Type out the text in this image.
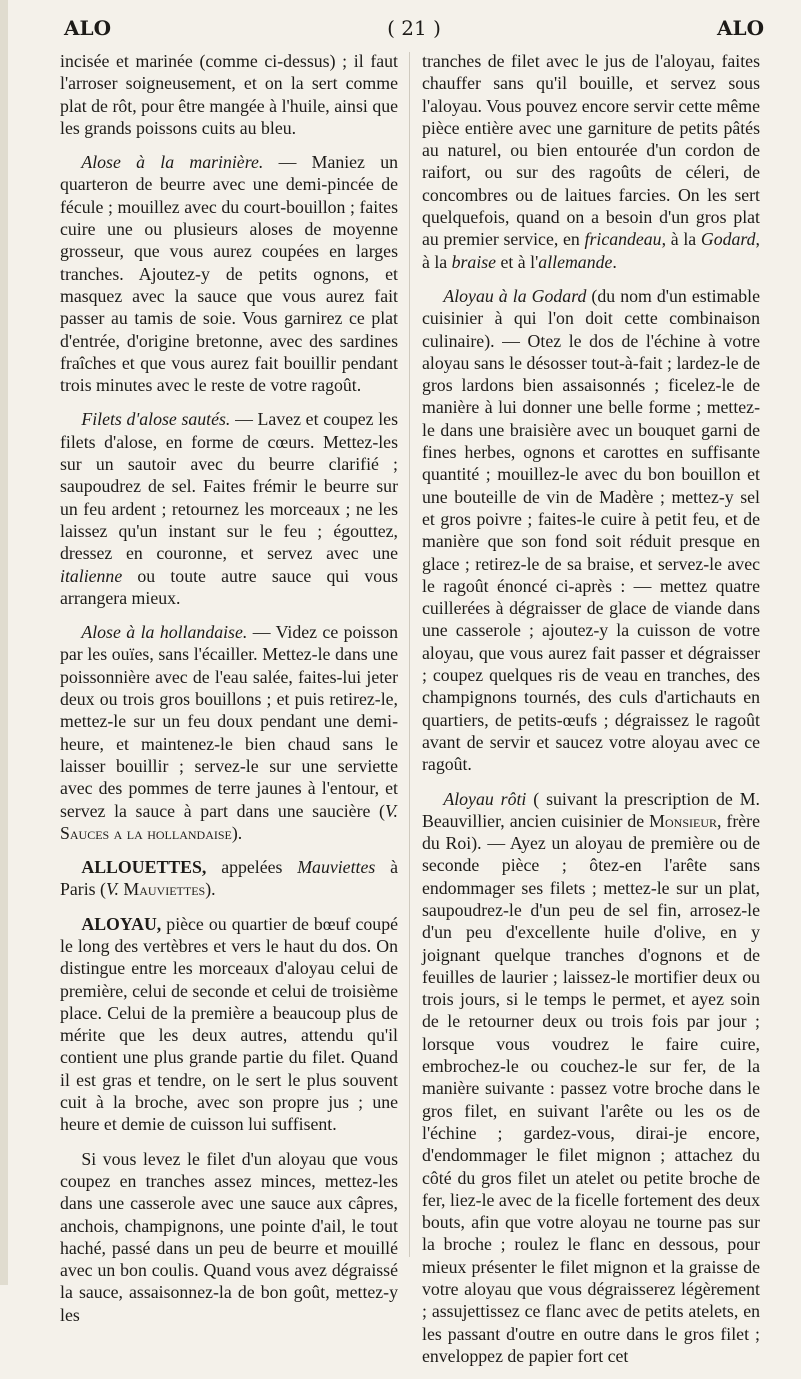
ALO	( 21 )	ALO

incisée et marinée (comme ci-dessus) ; il faut l'arroser soigneusement, et on la sert comme plat de rôt, pour être mangée à l'huile, ainsi que les grands poissons cuits au bleu.

Alose à la marinière. — Maniez un quarteron de beurre avec une demi-pincée de fécule ; mouillez avec du court-bouillon ; faites cuire une ou plusieurs aloses de moyenne grosseur, que vous aurez coupées en larges tranches. Ajoutez-y de petits ognons, et masquez avec la sauce que vous aurez fait passer au tamis de soie. Vous garnirez ce plat d'entrée, d'origine bretonne, avec des sardines fraîches et que vous aurez fait bouillir pendant trois minutes avec le reste de votre ragoût.

Filets d'alose sautés. — Lavez et coupez les filets d'alose, en forme de cœurs. Mettez-les sur un sautoir avec du beurre clarifié ; saupoudrez de sel. Faites frémir le beurre sur un feu ardent ; retournez les morceaux ; ne les laissez qu'un instant sur le feu ; égouttez, dressez en couronne, et servez avec une italienne ou toute autre sauce qui vous arrangera mieux.

Alose à la hollandaise. — Videz ce poisson par les ouïes, sans l'écailler. Mettez-le dans une poissonnière avec de l'eau salée, faites-lui jeter deux ou trois gros bouillons ; et puis retirez-le, mettez-le sur un feu doux pendant une demi-heure, et maintenez-le bien chaud sans le laisser bouillir ; servez-le sur une serviette avec des pommes de terre jaunes à l'entour, et servez la sauce à part dans une saucière (V. Sauces a la hollandaise).

ALLOUETTES, appelées Mauviettes à Paris (V. Mauviettes).

ALOYAU, pièce ou quartier de bœuf coupé le long des vertèbres et vers le haut du dos. On distingue entre les morceaux d'aloyau celui de première, celui de seconde et celui de troisième place. Celui de la première a beaucoup plus de mérite que les deux autres, attendu qu'il contient une plus grande partie du filet. Quand il est gras et tendre, on le sert le plus souvent cuit à la broche, avec son propre jus ; une heure et demie de cuisson lui suffisent.

Si vous levez le filet d'un aloyau que vous coupez en tranches assez minces, mettez-les dans une casserole avec une sauce aux câpres, anchois, champignons, une pointe d'ail, le tout haché, passé dans un peu de beurre et mouillé avec un bon coulis. Quand vous avez dégraissé la sauce, assaisonnez-la de bon goût, mettez-y les

tranches de filet avec le jus de l'aloyau, faites chauffer sans qu'il bouille, et servez sous l'aloyau. Vous pouvez encore servir cette même pièce entière avec une garniture de petits pâtés au naturel, ou bien entourée d'un cordon de raifort, ou sur des ragoûts de céleri, de concombres ou de laitues farcies. On les sert quelquefois, quand on a besoin d'un gros plat au premier service, en fricandeau, à la Godard, à la braise et à l'allemande.

Aloyau à la Godard (du nom d'un estimable cuisinier à qui l'on doit cette combinaison culinaire). — Otez le dos de l'échine à votre aloyau sans le désosser tout-à-fait ; lardez-le de gros lardons bien assaisonnés ; ficelez-le de manière à lui donner une belle forme ; mettez-le dans une braisière avec un bouquet garni de fines herbes, ognons et carottes en suffisante quantité ; mouillez-le avec du bon bouillon et une bouteille de vin de Madère ; mettez-y sel et gros poivre ; faites-le cuire à petit feu, et de manière que son fond soit réduit presque en glace ; retirez-le de sa braise, et servez-le avec le ragoût énoncé ci-après : — mettez quatre cuillerées à dégraisser de glace de viande dans une casserole ; ajoutez-y la cuisson de votre aloyau, que vous aurez fait passer et dégraisser ; coupez quelques ris de veau en tranches, des champignons tournés, des culs d'artichauts en quartiers, de petits-œufs ; dégraissez le ragoût avant de servir et saucez votre aloyau avec ce ragoût.

Aloyau rôti ( suivant la prescription de M. Beauvillier, ancien cuisinier de Monsieur, frère du Roi). — Ayez un aloyau de première ou de seconde pièce ; ôtez-en l'arête sans endommager ses filets ; mettez-le sur un plat, saupoudrez-le d'un peu de sel fin, arrosez-le d'un peu d'excellente huile d'olive, en y joignant quelque tranches d'ognons et de feuilles de laurier ; laissez-le mortifier deux ou trois jours, si le temps le permet, et ayez soin de le retourner deux ou trois fois par jour ; lorsque vous voudrez le faire cuire, embrochez-le ou couchez-le sur fer, de la manière suivante : passez votre broche dans le gros filet, en suivant l'arête ou les os de l'échine ; gardez-vous, dirai-je encore, d'endommager le filet mignon ; attachez du côté du gros filet un atelet ou petite broche de fer, liez-le avec de la ficelle fortement des deux bouts, afin que votre aloyau ne tourne pas sur la broche ; roulez le flanc en dessous, pour mieux présenter le filet mignon et la graisse de votre aloyau que vous dégraisserez légèrement ; assujettissez ce flanc avec de petits atelets, en les passant d'outre en outre dans le gros filet ; enveloppez de papier fort cet
